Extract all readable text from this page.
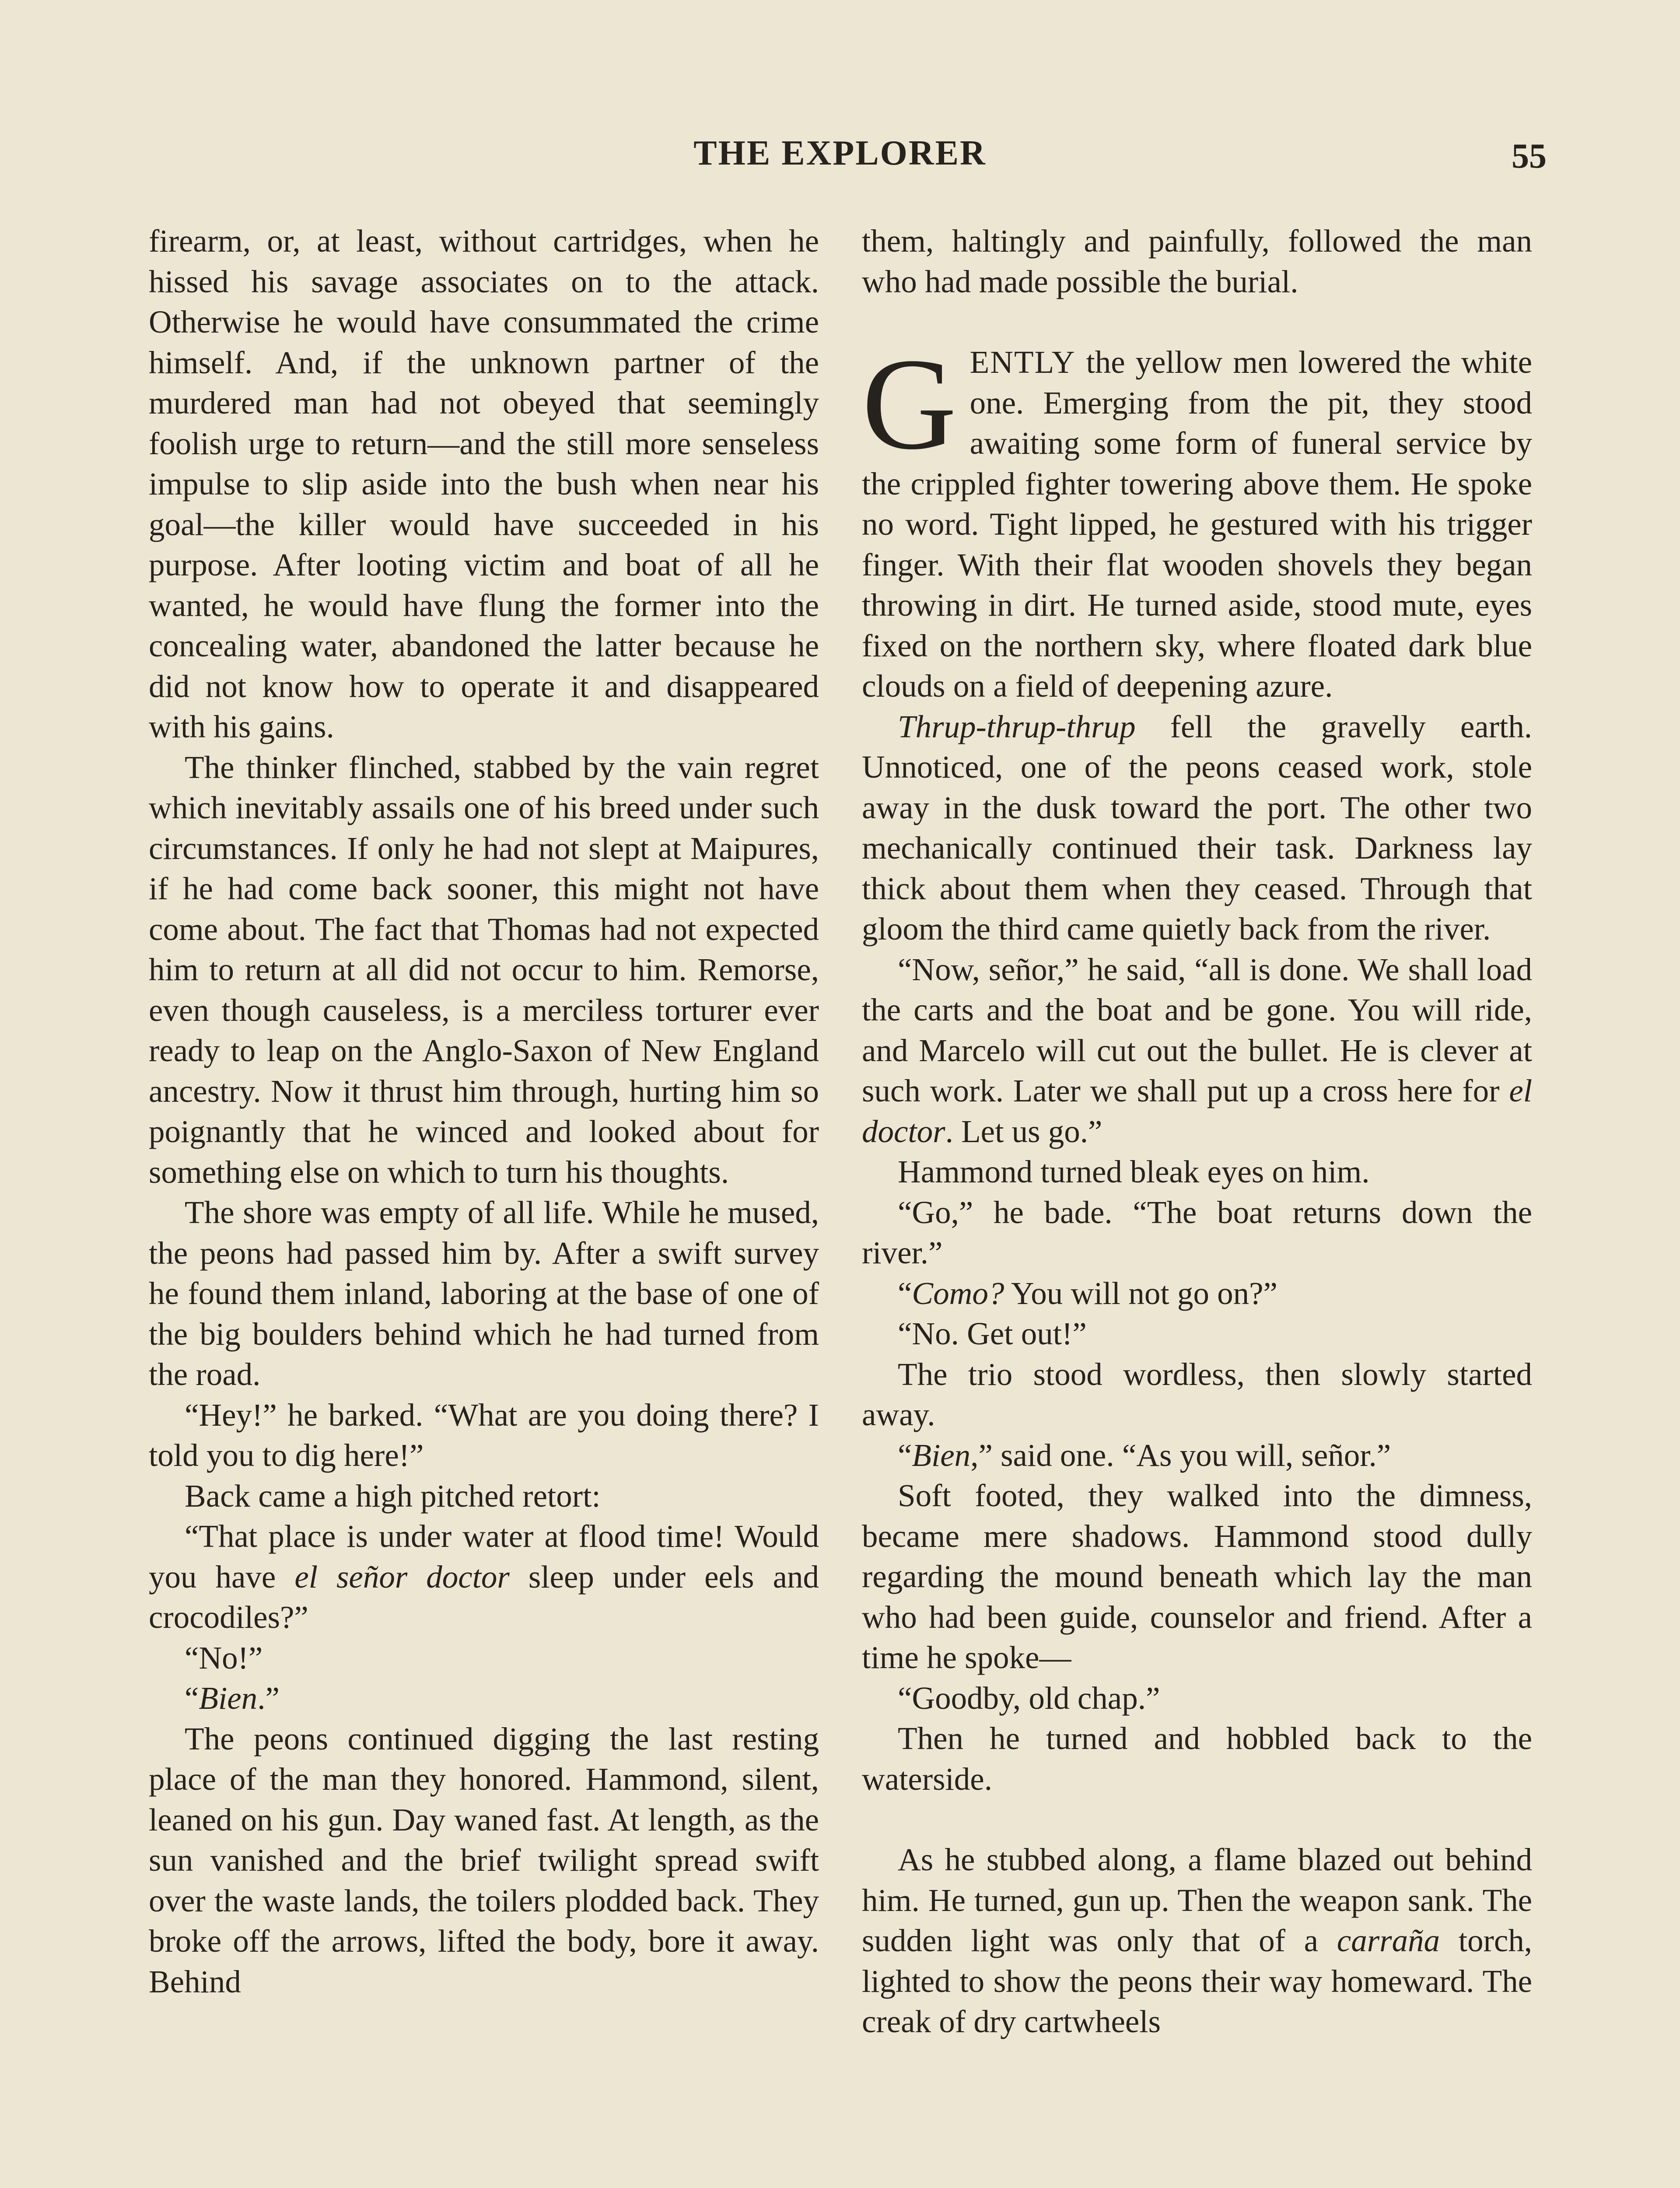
THE EXPLORER	55

firearm, or, at least, without cartridges, when he hissed his savage associates on to the attack. Otherwise he would have consummated the crime himself. And, if the unknown partner of the murdered man had not obeyed that seemingly foolish urge to return—and the still more senseless impulse to slip aside into the bush when near his goal—the killer would have succeeded in his purpose. After looting victim and boat of all he wanted, he would have flung the former into the concealing water, abandoned the latter because he did not know how to operate it and disappeared with his gains.

The thinker flinched, stabbed by the vain regret which inevitably assails one of his breed under such circumstances. If only he had not slept at Maipures, if he had come back sooner, this might not have come about. The fact that Thomas had not expected him to return at all did not occur to him. Remorse, even though causeless, is a merciless torturer ever ready to leap on the Anglo-Saxon of New England ancestry. Now it thrust him through, hurting him so poignantly that he winced and looked about for something else on which to turn his thoughts.

The shore was empty of all life. While he mused, the peons had passed him by. After a swift survey he found them inland, laboring at the base of one of the big boulders behind which he had turned from the road.

“Hey!” he barked. “What are you doing there? I told you to dig here!”

Back came a high pitched retort:

“That place is under water at flood time! Would you have el señor doctor sleep under eels and crocodiles?”

“No!”

“Bien.”

The peons continued digging the last resting place of the man they honored. Hammond, silent, leaned on his gun. Day waned fast. At length, as the sun vanished and the brief twilight spread swift over the waste lands, the toilers plodded back. They broke off the arrows, lifted the body, bore it away. Behind

them, haltingly and painfully, followed the man who had made possible the burial.

GENTLY the yellow men lowered the white one. Emerging from the pit, they stood awaiting some form of funeral service by the crippled fighter towering above them. He spoke no word. Tight lipped, he gestured with his trigger finger. With their flat wooden shovels they began throwing in dirt. He turned aside, stood mute, eyes fixed on the northern sky, where floated dark blue clouds on a field of deepening azure.

Thrup-thrup-thrup fell the gravelly earth. Unnoticed, one of the peons ceased work, stole away in the dusk toward the port. The other two mechanically continued their task. Darkness lay thick about them when they ceased. Through that gloom the third came quietly back from the river.

“Now, señor,” he said, “all is done. We shall load the carts and the boat and be gone. You will ride, and Marcelo will cut out the bullet. He is clever at such work. Later we shall put up a cross here for el doctor. Let us go.”

Hammond turned bleak eyes on him.

“Go,” he bade. “The boat returns down the river.”

“Como? You will not go on?”

“No. Get out!”

The trio stood wordless, then slowly started away.

“Bien,” said one. “As you will, señor.”

Soft footed, they walked into the dimness, became mere shadows. Hammond stood dully regarding the mound beneath which lay the man who had been guide, counselor and friend. After a time he spoke—

“Goodby, old chap.”

Then he turned and hobbled back to the waterside.

As he stubbed along, a flame blazed out behind him. He turned, gun up. Then the weapon sank. The sudden light was only that of a carraña torch, lighted to show the peons their way homeward. The creak of dry cartwheels
